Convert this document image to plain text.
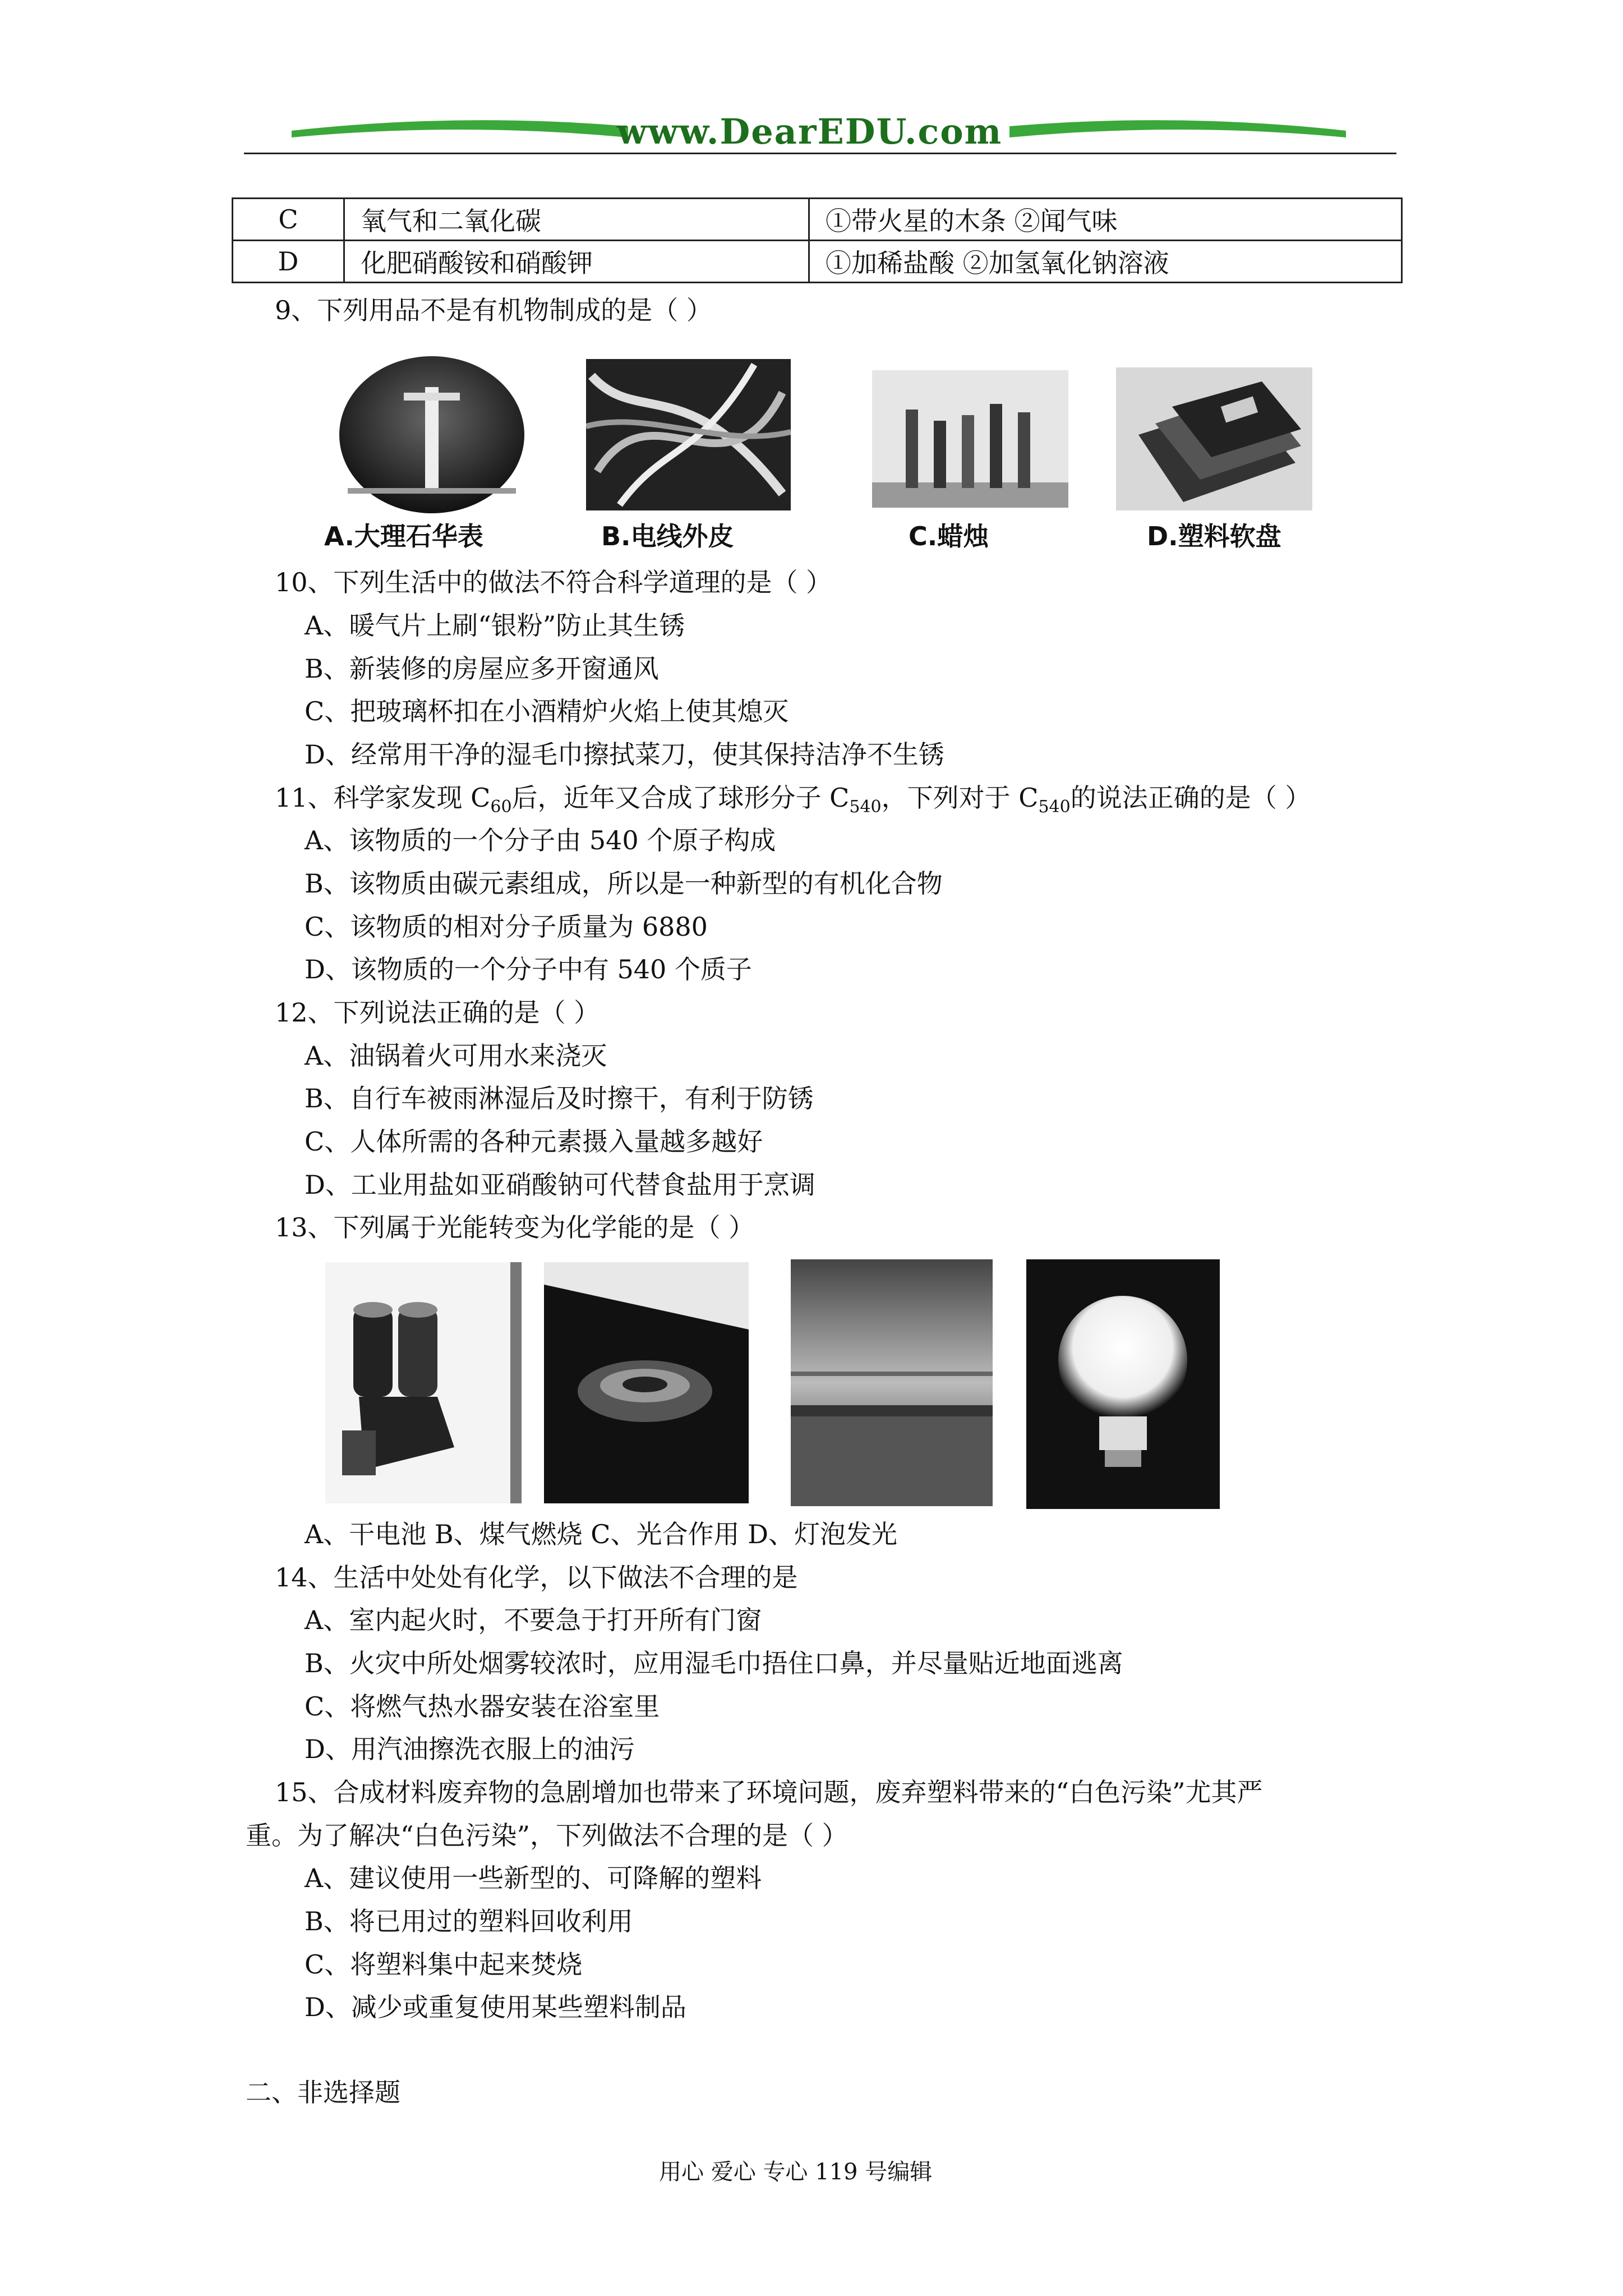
www.DearEDU.com
C	氧气和二氧化碳	①带火星的木条 ②闻气味
D	化肥硝酸铵和硝酸钾	①加稀盐酸 ②加氢氧化钠溶液
9、下列用品不是有机物制成的是（ ）
A.大理石华表	B.电线外皮	C.蜡烛	D.塑料软盘
10、下列生活中的做法不符合科学道理的是（ ）
A、暖气片上刷“银粉”防止其生锈
B、新装修的房屋应多开窗通风
C、把玻璃杯扣在小酒精炉火焰上使其熄灭
D、经常用干净的湿毛巾擦拭菜刀，使其保持洁净不生锈
11、科学家发现 $C_{60}$后，近年又合成了球形分子 $C_{540}$，下列对于 $C_{540}$的说法正确的是（ ）
A、该物质的一个分子由 540 个原子构成
B、该物质由碳元素组成，所以是一种新型的有机化合物
C、该物质的相对分子质量为 6880
D、该物质的一个分子中有 540 个质子
12、下列说法正确的是（ ）
A、油锅着火可用水来浇灭
B、自行车被雨淋湿后及时擦干，有利于防锈
C、人体所需的各种元素摄入量越多越好
D、工业用盐如亚硝酸钠可代替食盐用于烹调
13、下列属于光能转变为化学能的是（ ）
A、干电池 B、煤气燃烧 C、光合作用 D、灯泡发光
14、生活中处处有化学，以下做法不合理的是
A、室内起火时，不要急于打开所有门窗
B、火灾中所处烟雾较浓时，应用湿毛巾捂住口鼻，并尽量贴近地面逃离
C、将燃气热水器安装在浴室里
D、用汽油擦洗衣服上的油污
15、合成材料废弃物的急剧增加也带来了环境问题，废弃塑料带来的“白色污染”尤其严
重。为了解决“白色污染”，下列做法不合理的是（ ）
A、建议使用一些新型的、可降解的塑料
B、将已用过的塑料回收利用
C、将塑料集中起来焚烧
D、减少或重复使用某些塑料制品
二、非选择题
用心 爱心 专心 119 号编辑
